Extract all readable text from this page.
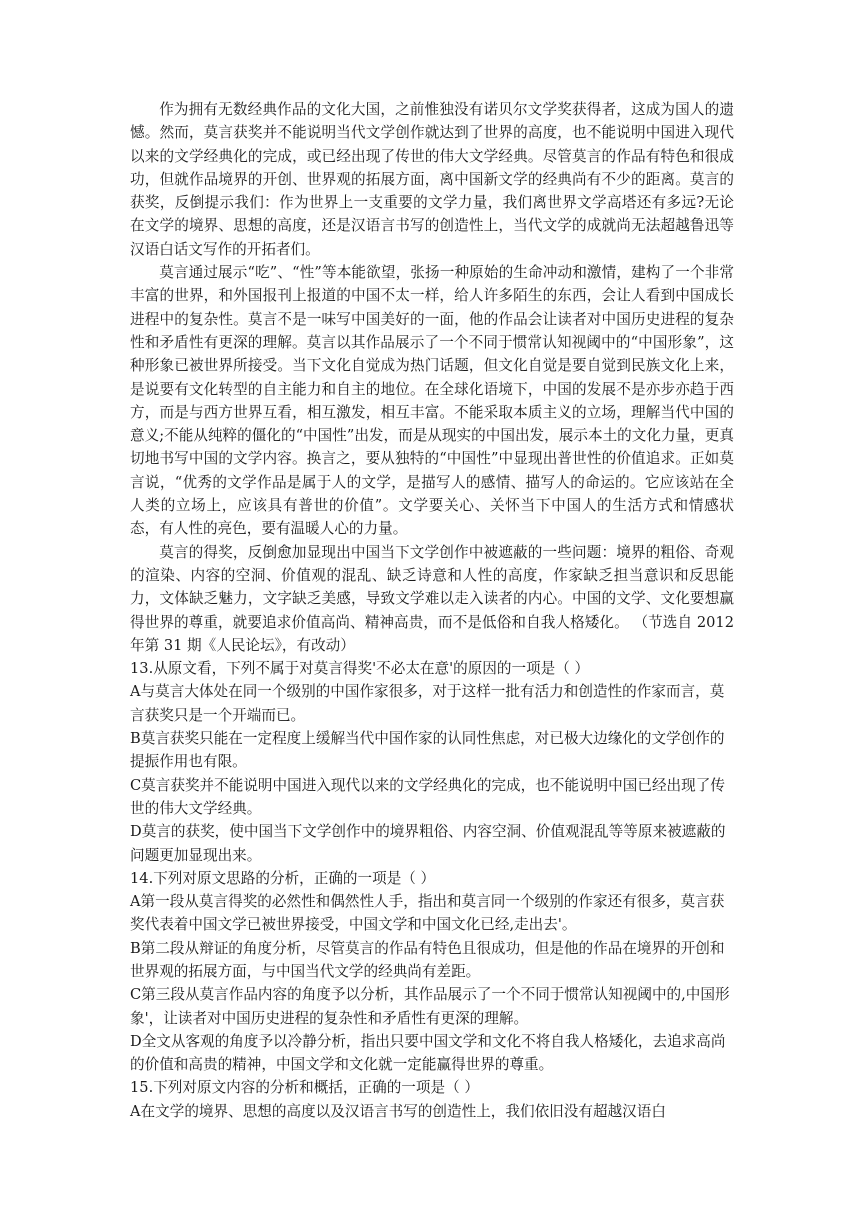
作为拥有无数经典作品的文化大国，之前惟独没有诺贝尔文学奖获得者，这成为国人的遗憾。然而，莫言获奖并不能说明当代文学创作就达到了世界的高度，也不能说明中国进入现代以来的文学经典化的完成，或已经出现了传世的伟大文学经典。尽管莫言的作品有特色和很成功，但就作品境界的开创、世界观的拓展方面，离中国新文学的经典尚有不少的距离。莫言的获奖，反倒提示我们：作为世界上一支重要的文学力量，我们离世界文学高塔还有多远?无论在文学的境界、思想的高度，还是汉语言书写的创造性上，当代文学的成就尚无法超越鲁迅等汉语白话文写作的开拓者们。

莫言通过展示“吃”、“性”等本能欲望，张扬一种原始的生命冲动和激情，建构了一个非常丰富的世界，和外国报刊上报道的中国不太一样，给人许多陌生的东西，会让人看到中国成长进程中的复杂性。莫言不是一味写中国美好的一面，他的作品会让读者对中国历史进程的复杂性和矛盾性有更深的理解。莫言以其作品展示了一个不同于惯常认知视阈中的“中国形象”，这种形象已被世界所接受。当下文化自觉成为热门话题，但文化自觉是要自觉到民族文化上来，是说要有文化转型的自主能力和自主的地位。在全球化语境下，中国的发展不是亦步亦趋于西方，而是与西方世界互看，相互激发，相互丰富。不能采取本质主义的立场，理解当代中国的意义;不能从纯粹的僵化的“中国性”出发，而是从现实的中国出发，展示本土的文化力量，更真切地书写中国的文学内容。换言之，要从独特的“中国性”中显现出普世性的价值追求。正如莫言说，“优秀的文学作品是属于人的文学，是描写人的感情、描写人的命运的。它应该站在全人类的立场上，应该具有普世的价值”。文学要关心、关怀当下中国人的生活方式和情感状态，有人性的亮色，要有温暖人心的力量。

莫言的得奖，反倒愈加显现出中国当下文学创作中被遮蔽的一些问题：境界的粗俗、奇观的渲染、内容的空洞、价值观的混乱、缺乏诗意和人性的高度，作家缺乏担当意识和反思能力，文体缺乏魅力，文字缺乏美感，导致文学难以走入读者的内心。中国的文学、文化要想赢得世界的尊重，就要追求价值高尚、精神高贵，而不是低俗和自我人格矮化。 （节选自 2012 年第 31 期《人民论坛》，有改动）

13.从原文看，下列不属于对莫言得奖'不必太在意'的原因的一项是（ ）

A与莫言大体处在同一个级别的中国作家很多，对于这样一批有活力和创造性的作家而言，莫言获奖只是一个开端而已。

B莫言获奖只能在一定程度上缓解当代中国作家的认同性焦虑，对已极大边缘化的文学创作的提振作用也有限。

C莫言获奖并不能说明中国进入现代以来的文学经典化的完成，也不能说明中国已经出现了传世的伟大文学经典。

D莫言的获奖，使中国当下文学创作中的境界粗俗、内容空洞、价值观混乱等等原来被遮蔽的问题更加显现出来。

14.下列对原文思路的分析，正确的一项是（ ）

A第一段从莫言得奖的必然性和偶然性人手，指出和莫言同一个级别的作家还有很多，莫言获奖代表着中国文学已被世界接受，中国文学和中国文化已经,走出去'。

B第二段从辩证的角度分析，尽管莫言的作品有特色且很成功，但是他的作品在境界的开创和世界观的拓展方面，与中国当代文学的经典尚有差距。

C第三段从莫言作品内容的角度予以分析，其作品展示了一个不同于惯常认知视阈中的,中国形象'，让读者对中国历史进程的复杂性和矛盾性有更深的理解。

D全文从客观的角度予以冷静分析，指出只要中国文学和文化不将自我人格矮化，去追求高尚的价值和高贵的精神，中国文学和文化就一定能赢得世界的尊重。

15.下列对原文内容的分析和概括，正确的一项是（ ）

A在文学的境界、思想的高度以及汉语言书写的创造性上，我们依旧没有超越汉语白
